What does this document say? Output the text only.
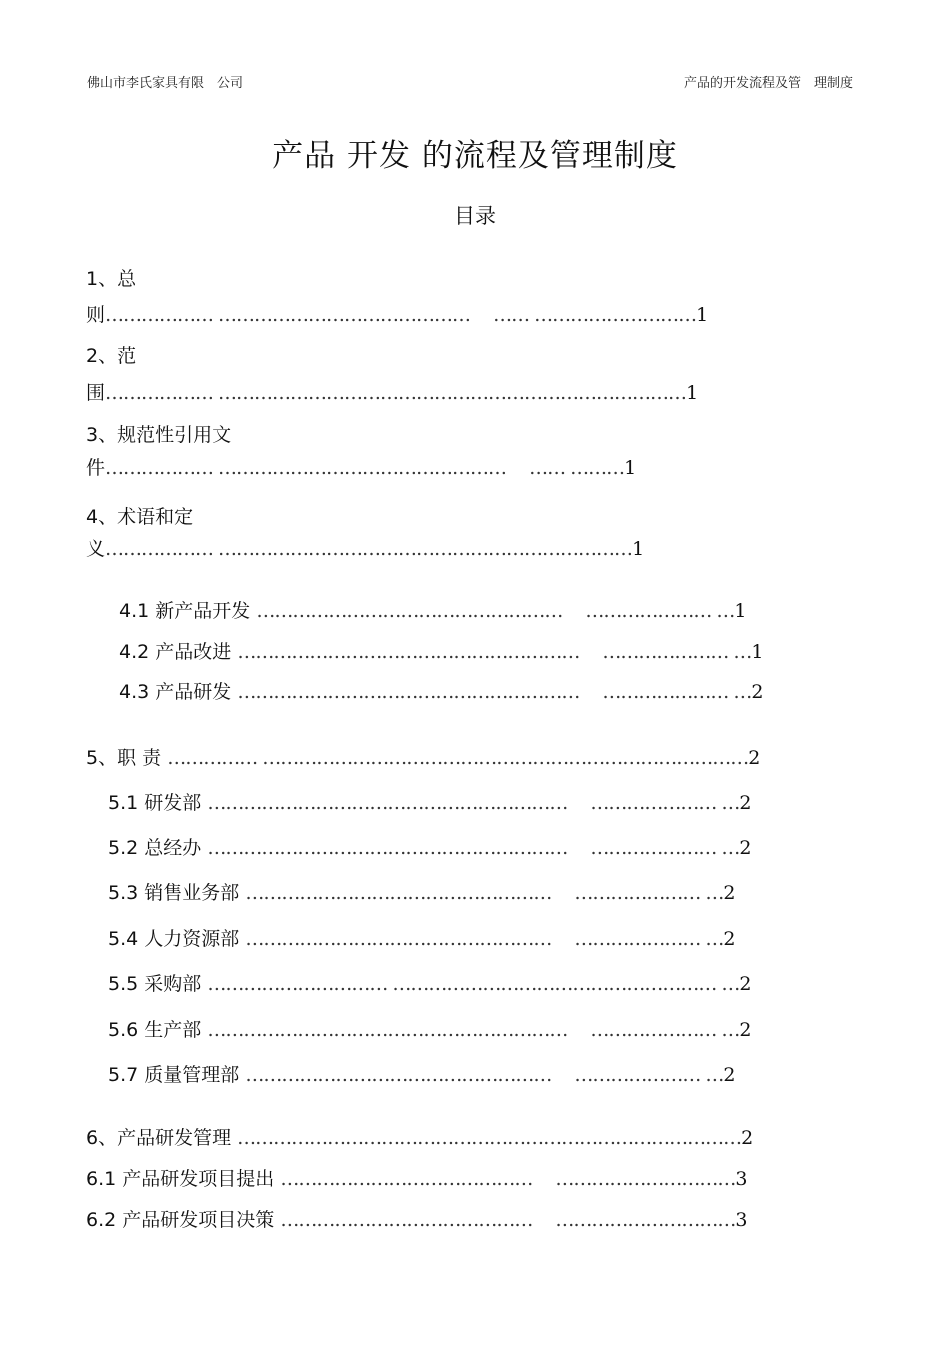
佛山市李氏家具有限　公司	产品的开发流程及管　理制度
产品 开发 的流程及管理制度
目录
1、总
则……………… ……………………………………　 …… ………………………1
2、范
围……………… ……………………………………………………………………1
3、规范性引用文
件……………… ………………………………………… 　…… ………1
4、术语和定
义……………… ……………………………………………………………1
4.1 新产品开发 ……………………………………………　 ………………… …1
4.2 产品改进 …………………………………………………　 ………………… …1
4.3 产品研发 …………………………………………………　 ………………… …2
5、职 责 …………… ………………………………………………………………………2
5.1 研发部 ……………………………………………………　 ………………… …2
5.2 总经办 ……………………………………………………　 ………………… …2
5.3 销售业务部 ……………………………………………　 ………………… …2
5.4 人力资源部 ……………………………………………　 ………………… …2
5.5 采购部 ………………………… ……………………………………………… …2
5.6 生产部 ……………………………………………………　 ………………… …2
5.7 质量管理部 ……………………………………………　 ………………… …2
6、产品研发管理 …………………………………………………………………………2
6.1 产品研发项目提出 ……………………………………　 …………………………3
6.2 产品研发项目决策 ……………………………………　 …………………………3
